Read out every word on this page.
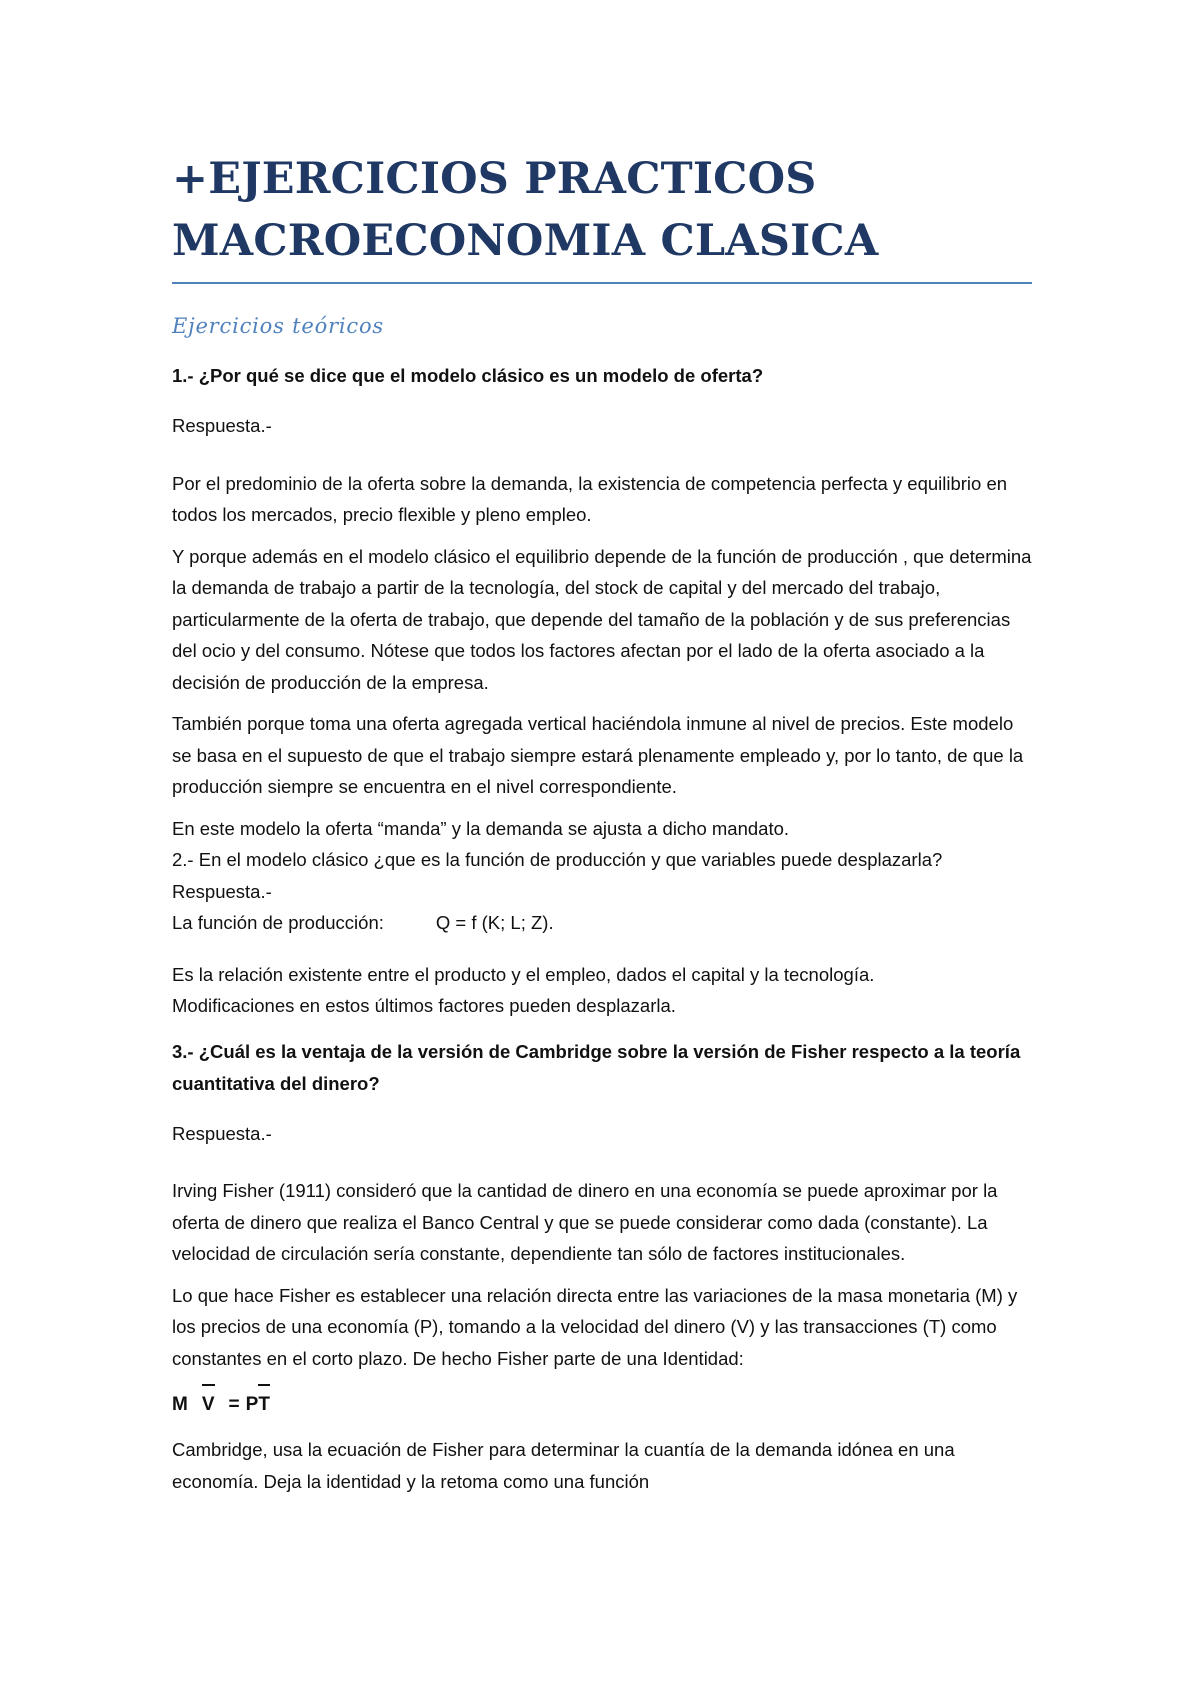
+EJERCICIOS PRACTICOS
MACROECONOMIA CLASICA
Ejercicios teóricos

1.- ¿Por qué se dice que el modelo clásico es un modelo de oferta?

Respuesta.-

Por el predominio de la oferta sobre la demanda, la existencia de competencia perfecta y equilibrio en todos los mercados, precio flexible y pleno empleo.

Y porque además en el modelo clásico el equilibrio depende de la función de producción , que determina la demanda de trabajo a partir de la tecnología, del stock de capital y del mercado del trabajo, particularmente de la oferta de trabajo, que depende del tamaño de la población y de sus preferencias del ocio y del consumo. Nótese que todos los factores afectan por el lado de la oferta asociado a la decisión de producción de la empresa.

También porque toma una oferta agregada vertical haciéndola inmune al nivel de precios. Este modelo se basa en el supuesto de que el trabajo siempre estará plenamente empleado y, por lo tanto, de que la producción siempre se encuentra en el nivel correspondiente.

En este modelo la oferta “manda” y la demanda se ajusta a dicho mandato.

2.- En el modelo clásico ¿que es la función de producción y que variables puede desplazarla?

Respuesta.-

La función de producción:	Q = f (K; L; Z).

Es la relación existente entre el producto y el empleo, dados el capital y la tecnología.

Modificaciones en estos últimos factores pueden desplazarla.

3.- ¿Cuál es la ventaja de la versión de Cambridge sobre la versión de Fisher respecto a la teoría cuantitativa del dinero?

Respuesta.-

Irving Fisher (1911) consideró que la cantidad de dinero en una economía se puede aproximar por la oferta de dinero que realiza el Banco Central y que se puede considerar como dada (constante). La velocidad de circulación sería constante, dependiente tan sólo de factores institucionales.

Lo que hace Fisher es establecer una relación directa entre las variaciones de la masa monetaria (M) y los precios de una economía (P), tomando a la velocidad del dinero (V) y las transacciones (T) como constantes en el corto plazo. De hecho Fisher parte de una Identidad:

M V = P T

Cambridge, usa la ecuación de Fisher para determinar la cuantía de la demanda idónea en una economía. Deja la identidad y la retoma como una función
